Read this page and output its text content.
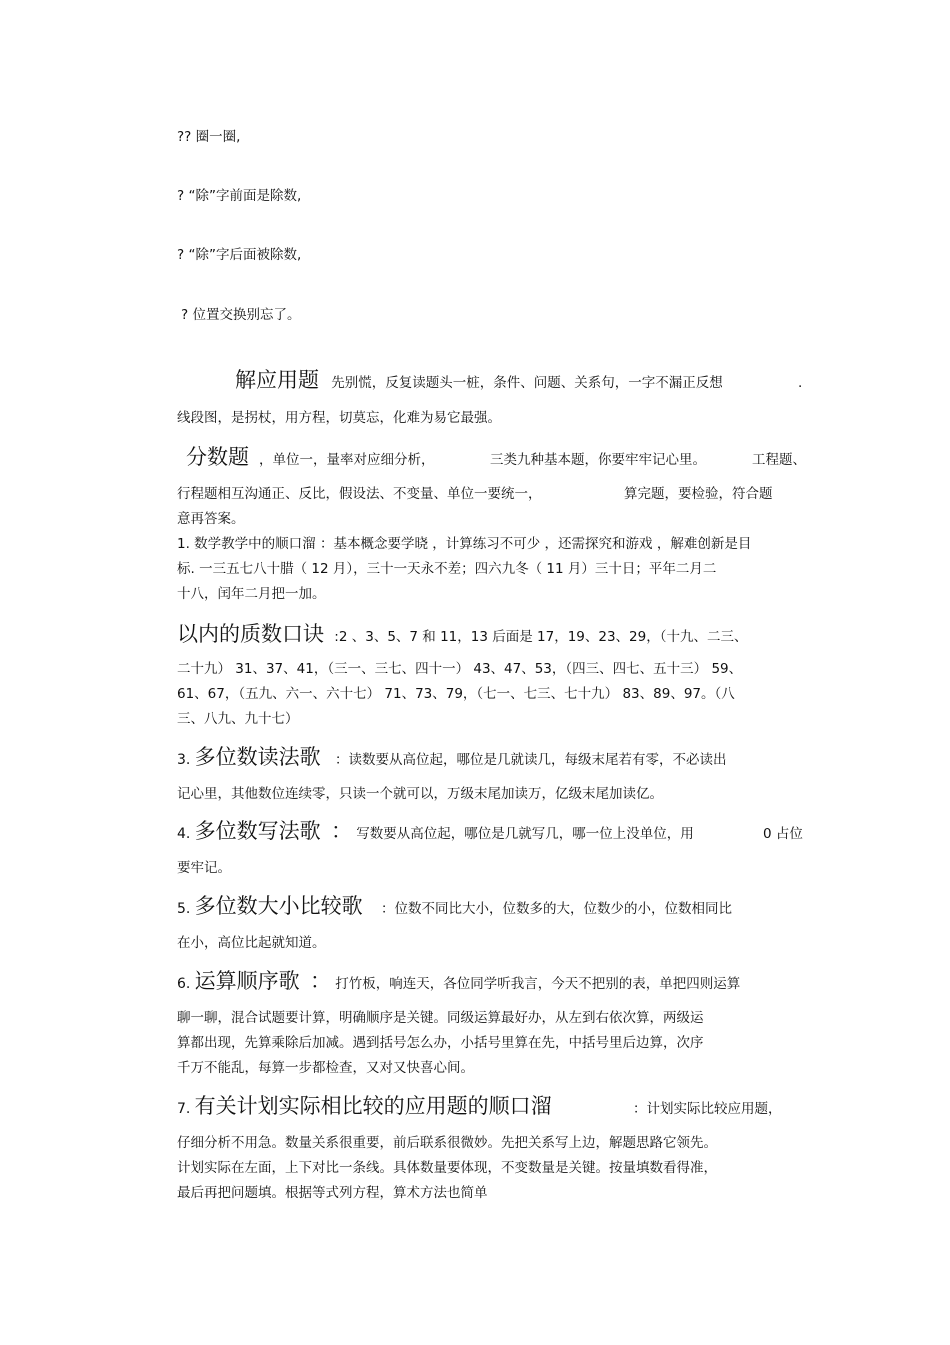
?? 圈一圈,
? “除”字前面是除数,
? “除”字后面被除数,
? 位置交换别忘了。
解应用题 先别慌，反复读题头一桩，条件、问题、关系句，一字不漏正反想	.
线段图，是拐杖，用方程，切莫忘，化难为易它最强。
分数题 ，单位一，量率对应细分析，	三类九种基本题，你要牢牢记心里。	工程题、
行程题相互沟通正、反比，假设法、不变量、单位一要统一，	算完题，要检验，符合题
意再答案。
1. 数学教学中的顺口溜 ：基本概念要学晓 ，计算练习不可少 ，还需探究和游戏 ，解难创新是目
标. 一三五七八十腊（ 12 月），三十一天永不差；四六九冬（ 11 月）三十日；平年二月二
十八，闰年二月把一加。
以内的质数口诀 :2 、3、5、7 和 11，13 后面是 17，19、23、29，（十九、二三、
二十九） 31、37、41，（三一、三七、四十一） 43、47、53，（四三、四七、五十三） 59、
61、67，（五九、六一、六十七） 71、73、79，（七一、七三、七十九） 83、89、97。（八
三、八九、九十七）
3. 多位数读法歌 ：读数要从高位起，哪位是几就读几，每级末尾若有零，不必读出
记心里，其他数位连续零，只读一个就可以，万级末尾加读万，亿级末尾加读亿。
4. 多位数写法歌 ： 写数要从高位起，哪位是几就写几，哪一位上没单位，用	0 占位
要牢记。
5. 多位数大小比较歌 ：位数不同比大小，位数多的大，位数少的小，位数相同比
在小，高位比起就知道。
6. 运算顺序歌 ： 打竹板，响连天，各位同学听我言，今天不把别的表，单把四则运算
聊一聊，混合试题要计算，明确顺序是关键。同级运算最好办，从左到右依次算，两级运
算都出现，先算乘除后加减。遇到括号怎么办，小括号里算在先，中括号里后边算，次序
千万不能乱，每算一步都检查，又对又快喜心间。
7. 有关计划实际相比较的应用题的顺口溜	：计划实际比较应用题，
仔细分析不用急。数量关系很重要，前后联系很微妙。先把关系写上边，解题思路它领先。
计划实际在左面，上下对比一条线。具体数量要体现，不变数量是关键。按量填数看得准，
最后再把问题填。根据等式列方程，算术方法也简单
